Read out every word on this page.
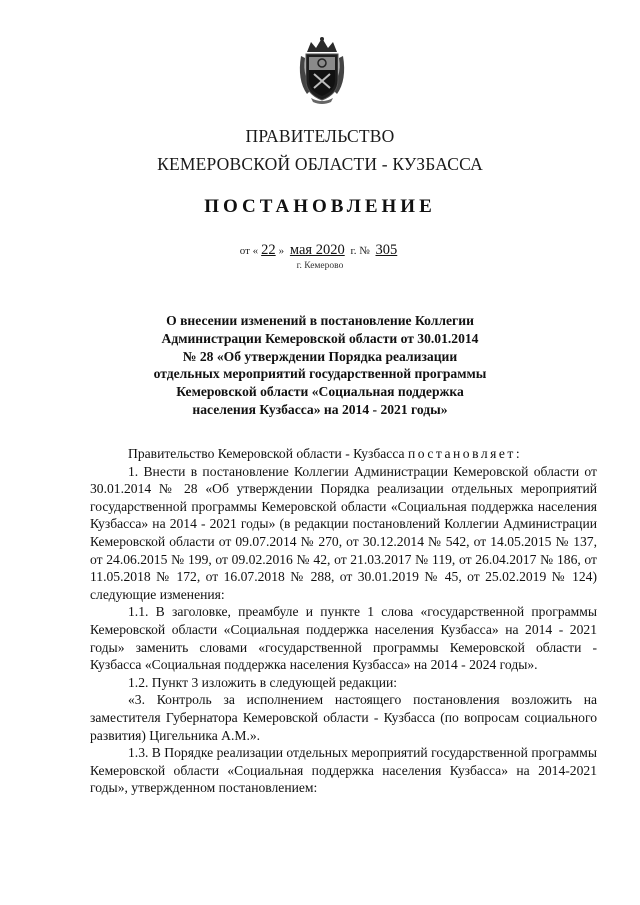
ПРАВИТЕЛЬСТВО
КЕМЕРОВСКОЙ ОБЛАСТИ - КУЗБАССА
ПОСТАНОВЛЕНИЕ
от « 22 » мая 2020 г. № 305
г. Кемерово
О внесении изменений в постановление Коллегии
Администрации Кемеровской области от 30.01.2014
№ 28 «Об утверждении Порядка реализации
отдельных мероприятий государственной программы
Кемеровской области «Социальная поддержка
населения Кузбасса» на 2014 - 2021 годы»

Правительство Кемеровской области - Кузбасса постановляет:

1. Внести в постановление Коллегии Администрации Кемеровской области от 30.01.2014 № 28 «Об утверждении Порядка реализации отдельных мероприятий государственной программы Кемеровской области «Социальная поддержка населения Кузбасса» на 2014 - 2021 годы» (в редакции постановлений Коллегии Администрации Кемеровской области от 09.07.2014 № 270, от 30.12.2014 № 542, от 14.05.2015 № 137, от 24.06.2015 № 199, от 09.02.2016 № 42, от 21.03.2017 № 119, от 26.04.2017 № 186, от 11.05.2018 № 172, от 16.07.2018 № 288, от 30.01.2019 № 45, от 25.02.2019 № 124) следующие изменения:

1.1. В заголовке, преамбуле и пункте 1 слова «государственной программы Кемеровской области «Социальная поддержка населения Кузбасса» на 2014 - 2021 годы» заменить словами «государственной программы Кемеровской области - Кузбасса «Социальная поддержка населения Кузбасса» на 2014 - 2024 годы».

1.2. Пункт 3 изложить в следующей редакции:

«3. Контроль за исполнением настоящего постановления возложить на заместителя Губернатора Кемеровской области - Кузбасса (по вопросам социального развития) Цигельника А.М.».

1.3. В Порядке реализации отдельных мероприятий государственной программы Кемеровской области «Социальная поддержка населения Кузбасса» на 2014-2021 годы», утвержденном постановлением:
